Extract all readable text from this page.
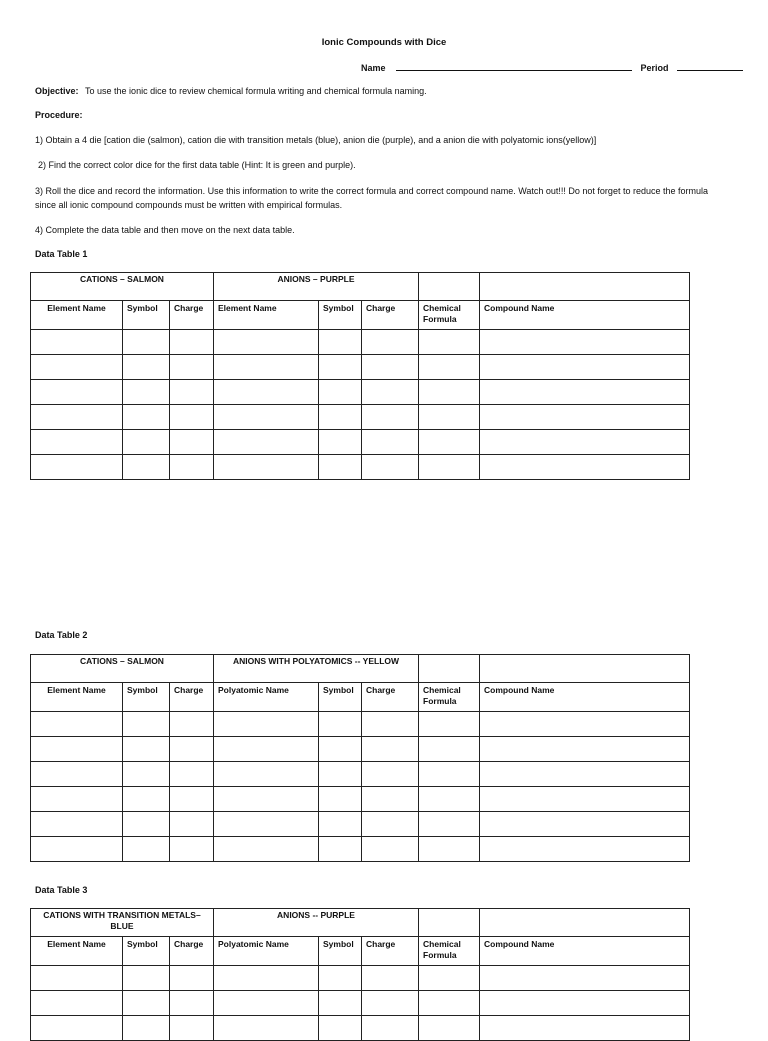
Ionic Compounds with Dice
Name	Period
Objective: To use the ionic dice to review chemical formula writing and chemical formula naming.
Procedure:
1) Obtain a 4 die [cation die (salmon), cation die with transition metals (blue), anion die (purple), and a anion die with polyatomic ions(yellow)]
2) Find the correct color dice for the first data table (Hint: It is green and purple).
3) Roll the dice and record the information. Use this information to write the correct formula and correct compound name. Watch out!!! Do not forget to reduce the formula since all ionic compound compounds must be written with empirical formulas.
4) Complete the data table and then move on the next data table.
Data Table 1
CATIONS – SALMON			ANIONS – PURPLE				
Element Name	Symbol	Charge	Element Name	Symbol	Charge	Chemical Formula	Compound Name

Data Table 2
CATIONS – SALMON			ANIONS WITH POLYATOMICS -- YELLOW				
Element Name	Symbol	Charge	Polyatomic Name	Symbol	Charge	Chemical Formula	Compound Name

Data Table 3
CATIONS WITH TRANSITION METALS– BLUE			ANIONS -- PURPLE				
Element Name	Symbol	Charge	Polyatomic Name	Symbol	Charge	Chemical Formula	Compound Name
